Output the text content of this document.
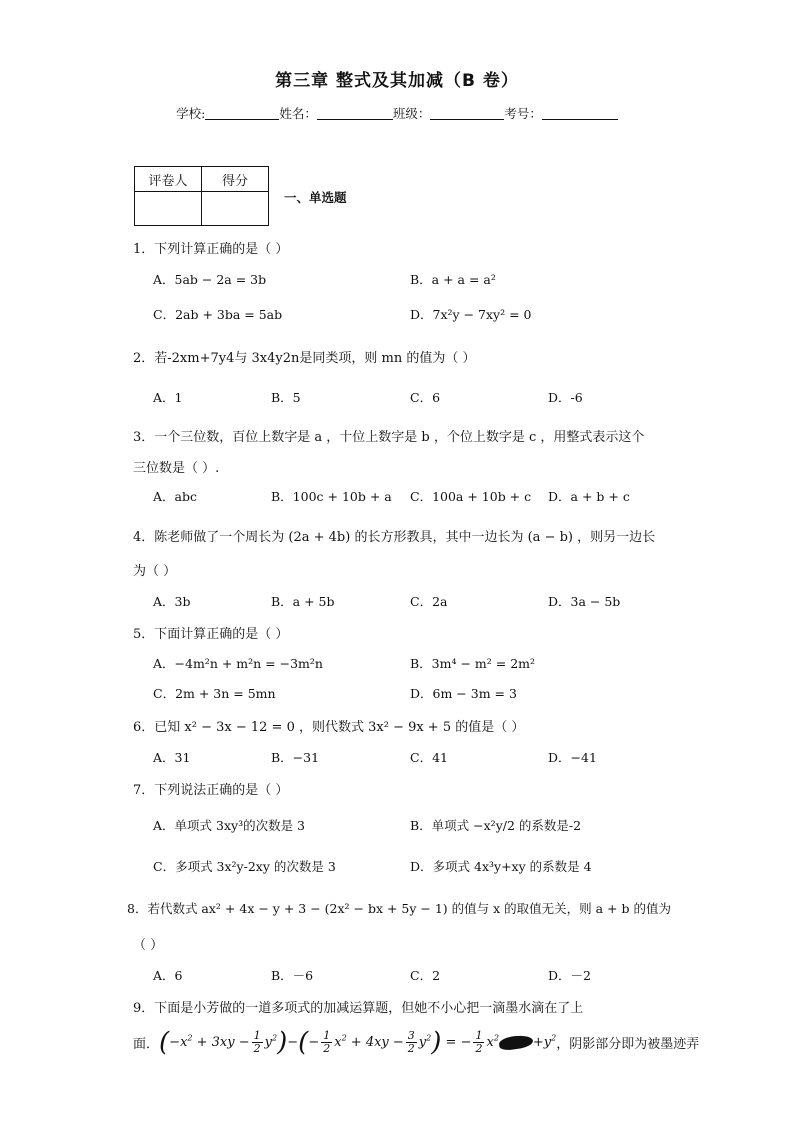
第三章 整式及其加减（B 卷）
学校:	姓名：	班级：	考号：
评卷人	得分

一、单选题
1．下列计算正确的是（ ）
A．5ab − 2a = 3b	B．a + a = a²
C．2ab + 3ba = 5ab	D．7x²y − 7xy² = 0
2．若-2xm+7y4与 3x4y2n是同类项，则 mn 的值为（ ）
A．1	B．5	C．6	D．-6
3．一个三位数，百位上数字是 a ，十位上数字是 b ，个位上数字是 c ，用整式表示这个
三位数是（ ）.
A．abc	B．100c + 10b + a C．100a + 10b + c D．a + b + c
4．陈老师做了一个周长为 (2a + 4b) 的长方形教具，其中一边长为 (a − b) ，则另一边长
为（ ）
A．3b	B．a + 5b	C．2a	D．3a − 5b
5．下面计算正确的是（ ）
A．−4m²n + m²n = −3m²n	B．3m⁴ − m² = 2m²
C．2m + 3n = 5mn	D．6m − 3m = 3
6．已知 x² − 3x − 12 = 0 ，则代数式 3x² − 9x + 5 的值是（ ）
A．31	B．−31	C．41	D．−41
7．下列说法正确的是（ ）
A．单项式 3xy³的次数是 3	B．单项式 −x²y/2 的系数是-2
C．多项式 3x²y-2xy 的次数是 3	D．多项式 4x³y+xy 的系数是 4
8．若代数式 ax² + 4x − y + 3 − (2x² − bx + 5y − 1) 的值与 x 的取值无关，则 a + b 的值为
（ ）
A．6	B．－6	C．2	D．－2
9．下面是小芳做的一道多项式的加减运算题，但她不小心把一滴墨水滴在了上
面． $(-x^2 + 3xy - \frac{1}{2} y^2)-(- \frac{1}{2} x^2 + 4xy - \frac{3}{2} y^2)$ = − $\frac{1}{2} x^2$	$+y^2$ ，阴影部分即为被墨迹弄
